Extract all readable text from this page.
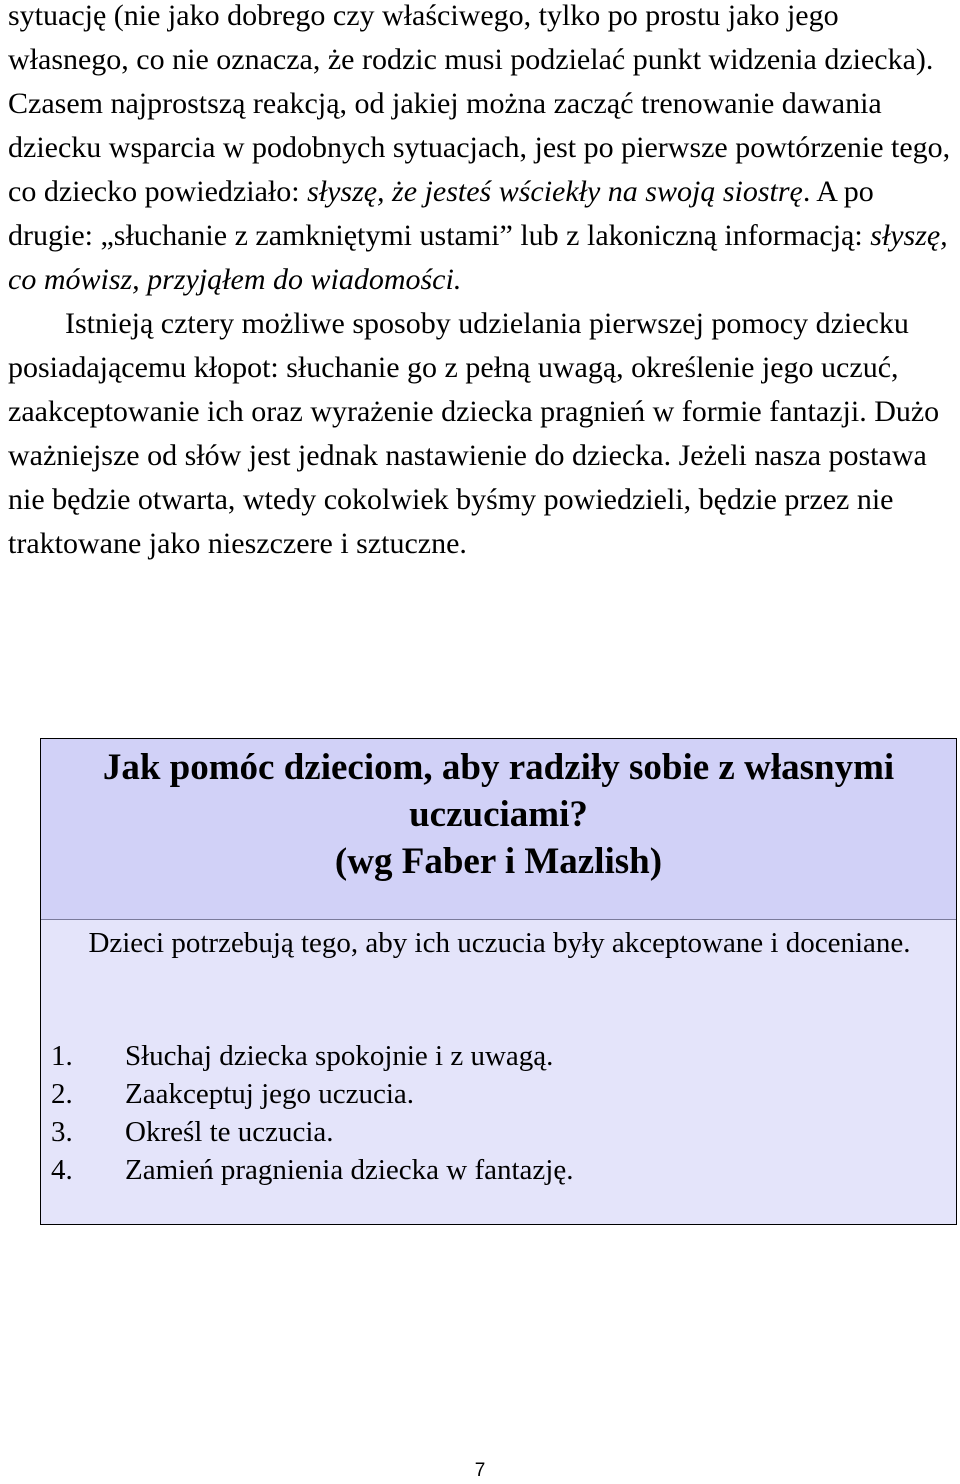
sytuację (nie jako dobrego czy właściwego, tylko po prostu jako jego własnego, co nie oznacza, że rodzic musi podzielać punkt widzenia dziecka). Czasem najprostszą reakcją, od jakiej można zacząć trenowanie dawania dziecku wsparcia w podobnych sytuacjach, jest po pierwsze powtórzenie tego, co dziecko powiedziało: słyszę, że jesteś wściekły na swoją siostrę. A po drugie: „słuchanie z zamkniętymi ustami” lub z lakoniczną informacją: słyszę, co mówisz, przyjąłem do wiadomości.

Istnieją cztery możliwe sposoby udzielania pierwszej pomocy dziecku posiadającemu kłopot: słuchanie go z pełną uwagą, określenie jego uczuć, zaakceptowanie ich oraz wyrażenie dziecka pragnień w formie fantazji. Dużo ważniejsze od słów jest jednak nastawienie do dziecka. Jeżeli nasza postawa nie będzie otwarta, wtedy cokolwiek byśmy powiedzieli, będzie przez nie traktowane jako nieszczere i sztuczne.

Jak pomóc dzieciom, aby radziły sobie z własnymi
uczuciami?
(wg Faber i Mazlish)
Dzieci potrzebują tego, aby ich uczucia były akceptowane i doceniane.
1.	Słuchaj dziecka spokojnie i z uwagą.
2.	Zaakceptuj jego uczucia.
3.	Określ te uczucia.
4.	Zamień pragnienia dziecka w fantazję.
7
